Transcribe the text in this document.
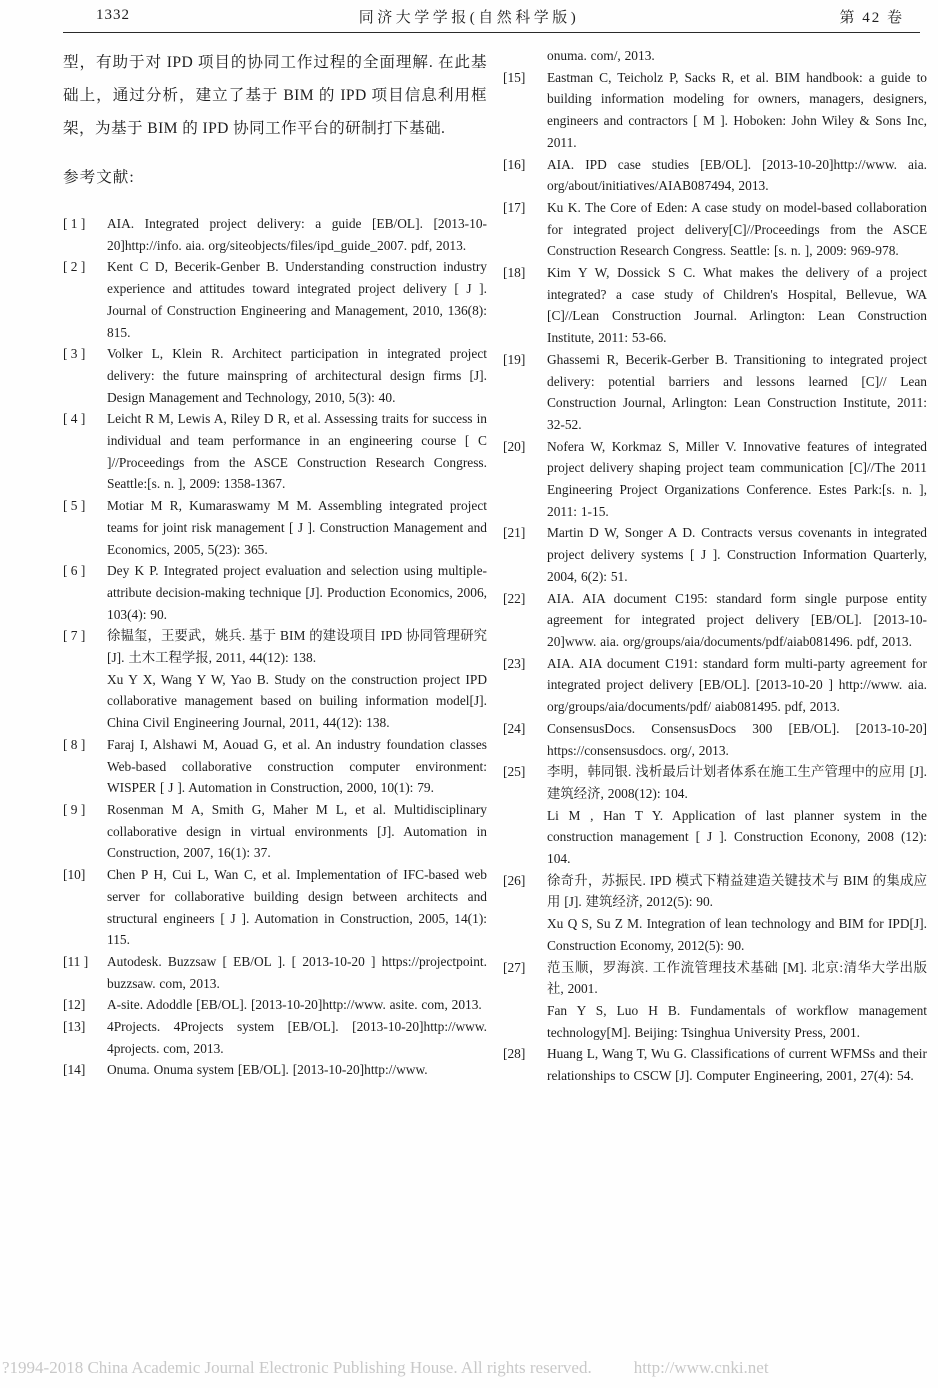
1332	同济大学学报(自然科学版)	第 42 卷

型，有助于对 IPD 项目的协同工作过程的全面理解. 在此基础上，通过分析，建立了基于 BIM 的 IPD 项目信息利用框架，为基于 BIM 的 IPD 协同工作平台的研制打下基础.

参考文献:
[ 1 ]	AIA. Integrated project delivery: a guide [EB/OL]. [2013-10-20]http://info. aia. org/siteobjects/files/ipd_guide_2007. pdf, 2013.

[ 2 ]	Kent C D, Becerik-Genber B. Understanding construction industry experience and attitudes toward integrated project delivery [ J ]. Journal of Construction Engineering and Management, 2010, 136(8): 815.

[ 3 ]	Volker L, Klein R. Architect participation in integrated project delivery: the future mainspring of architectural design firms [J]. Design Management and Technology, 2010, 5(3): 40.

[ 4 ]	Leicht R M, Lewis A, Riley D R, et al. Assessing traits for success in individual and team performance in an engineering course [ C ]//Proceedings from the ASCE Construction Research Congress. Seattle:[s. n. ], 2009: 1358-1367.

[ 5 ]	Motiar M R, Kumaraswamy M M. Assembling integrated project teams for joint risk management [ J ]. Construction Management and Economics, 2005, 5(23): 365.

[ 6 ]	Dey K P. Integrated project evaluation and selection using multiple-attribute decision-making technique [J]. Production Economics, 2006, 103(4): 90.

[ 7 ]	徐韫玺，王要武，姚兵. 基于 BIM 的建设项目 IPD 协同管理研究 [J]. 土木工程学报, 2011, 44(12): 138.

Xu Y X, Wang Y W, Yao B. Study on the construction project IPD collaborative management based on builing information model[J]. China Civil Engineering Journal, 2011, 44(12): 138.

[ 8 ]	Faraj I, Alshawi M, Aouad G, et al. An industry foundation classes Web-based collaborative construction computer environment: WISPER [ J ]. Automation in Construction, 2000, 10(1): 79.

[ 9 ]	Rosenman M A, Smith G, Maher M L, et al. Multidisciplinary collaborative design in virtual environments [J]. Automation in Construction, 2007, 16(1): 37.

[10]	Chen P H, Cui L, Wan C, et al. Implementation of IFC-based web server for collaborative building design between architects and structural engineers [ J ]. Automation in Construction, 2005, 14(1): 115.

[11 ]	Autodesk. Buzzsaw [ EB/OL ]. [ 2013-10-20 ] https://projectpoint. buzzsaw. com, 2013.

[12]	A-site. Adoddle [EB/OL]. [2013-10-20]http://www. asite. com, 2013.

[13]	4Projects. 4Projects system [EB/OL]. [2013-10-20]http://www. 4projects. com, 2013.

[14]	Onuma. Onuma system [EB/OL]. [2013-10-20]http://www.

onuma. com/, 2013.

[15]	Eastman C, Teicholz P, Sacks R, et al. BIM handbook: a guide to building information modeling for owners, managers, designers, engineers and contractors [ M ]. Hoboken: John Wiley & Sons Inc, 2011.

[16]	AIA. IPD case studies [EB/OL]. [2013-10-20]http://www. aia. org/about/initiatives/AIAB087494, 2013.

[17]	Ku K. The Core of Eden: A case study on model-based collaboration for integrated project delivery[C]//Proceedings from the ASCE Construction Research Congress. Seattle: [s. n. ], 2009: 969-978.

[18]	Kim Y W, Dossick S C. What makes the delivery of a project integrated? a case study of Children's Hospital, Bellevue, WA [C]//Lean Construction Journal. Arlington: Lean Construction Institute, 2011: 53-66.

[19]	Ghassemi R, Becerik-Gerber B. Transitioning to integrated project delivery: potential barriers and lessons learned [C]// Lean Construction Journal, Arlington: Lean Construction Institute, 2011: 32-52.

[20]	Nofera W, Korkmaz S, Miller V. Innovative features of integrated project delivery shaping project team communication [C]//The 2011 Engineering Project Organizations Conference. Estes Park:[s. n. ], 2011: 1-15.

[21]	Martin D W, Songer A D. Contracts versus covenants in integrated project delivery systems [ J ]. Construction Information Quarterly, 2004, 6(2): 51.

[22]	AIA. AIA document C195: standard form single purpose entity agreement for integrated project delivery [EB/OL]. [2013-10-20]www. aia. org/groups/aia/documents/pdf/aiab081496. pdf, 2013.

[23]	AIA. AIA document C191: standard form multi-party agreement for integrated project delivery [EB/OL]. [2013-10-20 ] http://www. aia. org/groups/aia/documents/pdf/ aiab081495. pdf, 2013.

[24]	ConsensusDocs. ConsensusDocs 300 [EB/OL]. [2013-10-20] https://consensusdocs. org/, 2013.

[25]	李明，韩同银. 浅析最后计划者体系在施工生产管理中的应用 [J]. 建筑经济, 2008(12): 104.

Li M , Han T Y. Application of last planner system in the construction management [ J ]. Construction Econony, 2008 (12): 104.

[26]	徐奇升，苏振民. IPD 模式下精益建造关键技术与 BIM 的集成应用 [J]. 建筑经济, 2012(5): 90.

Xu Q S, Su Z M. Integration of lean technology and BIM for IPD[J]. Construction Economy, 2012(5): 90.

[27]	范玉顺，罗海滨. 工作流管理技术基础 [M]. 北京:清华大学出版社, 2001.

Fan Y S, Luo H B. Fundamentals of workflow management technology[M]. Beijing: Tsinghua University Press, 2001.

[28]	Huang L, Wang T, Wu G. Classifications of current WFMSs and their relationships to CSCW [J]. Computer Engineering, 2001, 27(4): 54.

?1994-2018 China Academic Journal Electronic Publishing House. All rights reserved. http://www.cnki.net
